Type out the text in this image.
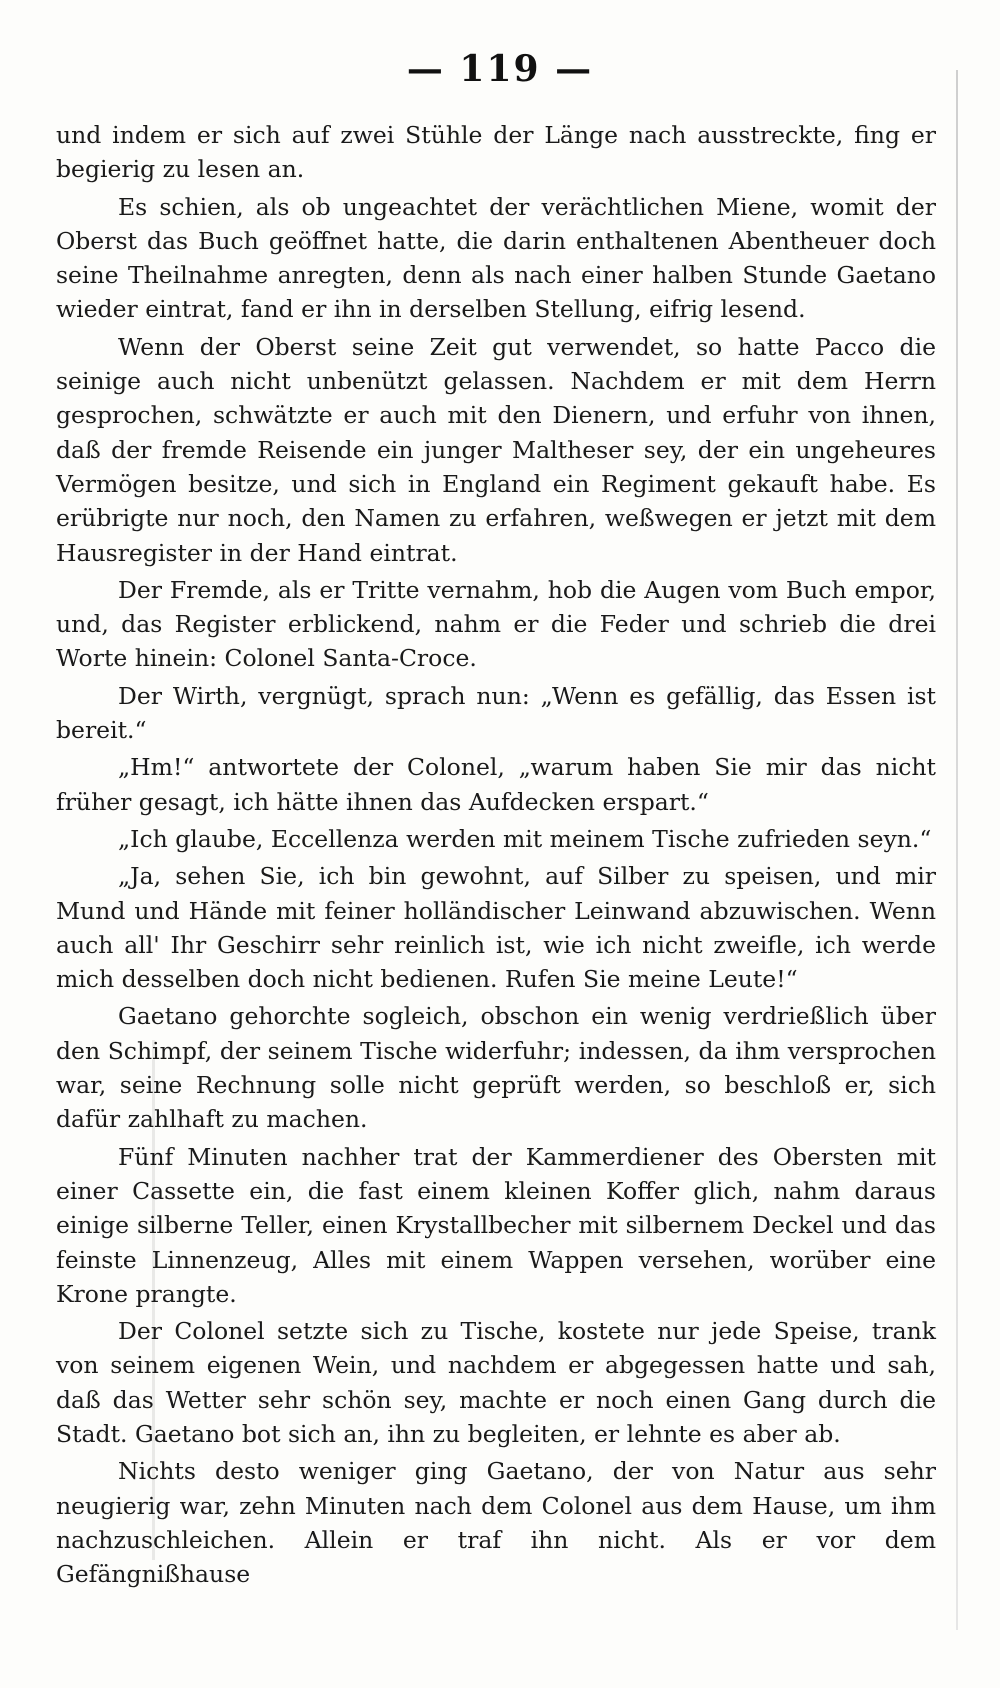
— 119 —

und indem er sich auf zwei Stühle der Länge nach ausstreckte, fing er begierig zu lesen an.

Es schien, als ob ungeachtet der verächtlichen Miene, womit der Oberst das Buch geöffnet hatte, die darin enthaltenen Abentheuer doch seine Theilnahme anregten, denn als nach einer halben Stunde Gaetano wieder eintrat, fand er ihn in derselben Stellung, eifrig lesend.

Wenn der Oberst seine Zeit gut verwendet, so hatte Pacco die seinige auch nicht unbenützt gelassen. Nachdem er mit dem Herrn gesprochen, schwätzte er auch mit den Dienern, und erfuhr von ihnen, daß der fremde Reisende ein junger Maltheser sey, der ein ungeheures Vermögen besitze, und sich in England ein Regiment gekauft habe. Es erübrigte nur noch, den Namen zu erfahren, weßwegen er jetzt mit dem Hausregister in der Hand eintrat.

Der Fremde, als er Tritte vernahm, hob die Augen vom Buch empor, und, das Register erblickend, nahm er die Feder und schrieb die drei Worte hinein: Colonel Santa-Croce.

Der Wirth, vergnügt, sprach nun: „Wenn es gefällig, das Essen ist bereit.“

„Hm!“ antwortete der Colonel, „warum haben Sie mir das nicht früher gesagt, ich hätte ihnen das Aufdecken erspart.“

„Ich glaube, Eccellenza werden mit meinem Tische zufrieden seyn.“

„Ja, sehen Sie, ich bin gewohnt, auf Silber zu speisen, und mir Mund und Hände mit feiner holländischer Leinwand abzuwischen. Wenn auch all' Ihr Geschirr sehr reinlich ist, wie ich nicht zweifle, ich werde mich desselben doch nicht bedienen. Rufen Sie meine Leute!“

Gaetano gehorchte sogleich, obschon ein wenig verdrießlich über den Schimpf, der seinem Tische widerfuhr; indessen, da ihm versprochen war, seine Rechnung solle nicht geprüft werden, so beschloß er, sich dafür zahlhaft zu machen.

Fünf Minuten nachher trat der Kammerdiener des Obersten mit einer Cassette ein, die fast einem kleinen Koffer glich, nahm daraus einige silberne Teller, einen Krystallbecher mit silbernem Deckel und das feinste Linnenzeug, Alles mit einem Wappen versehen, worüber eine Krone prangte.

Der Colonel setzte sich zu Tische, kostete nur jede Speise, trank von seinem eigenen Wein, und nachdem er abgegessen hatte und sah, daß das Wetter sehr schön sey, machte er noch einen Gang durch die Stadt. Gaetano bot sich an, ihn zu begleiten, er lehnte es aber ab.

Nichts desto weniger ging Gaetano, der von Natur aus sehr neugierig war, zehn Minuten nach dem Colonel aus dem Hause, um ihm nachzuschleichen. Allein er traf ihn nicht. Als er vor dem Gefängnißhause
